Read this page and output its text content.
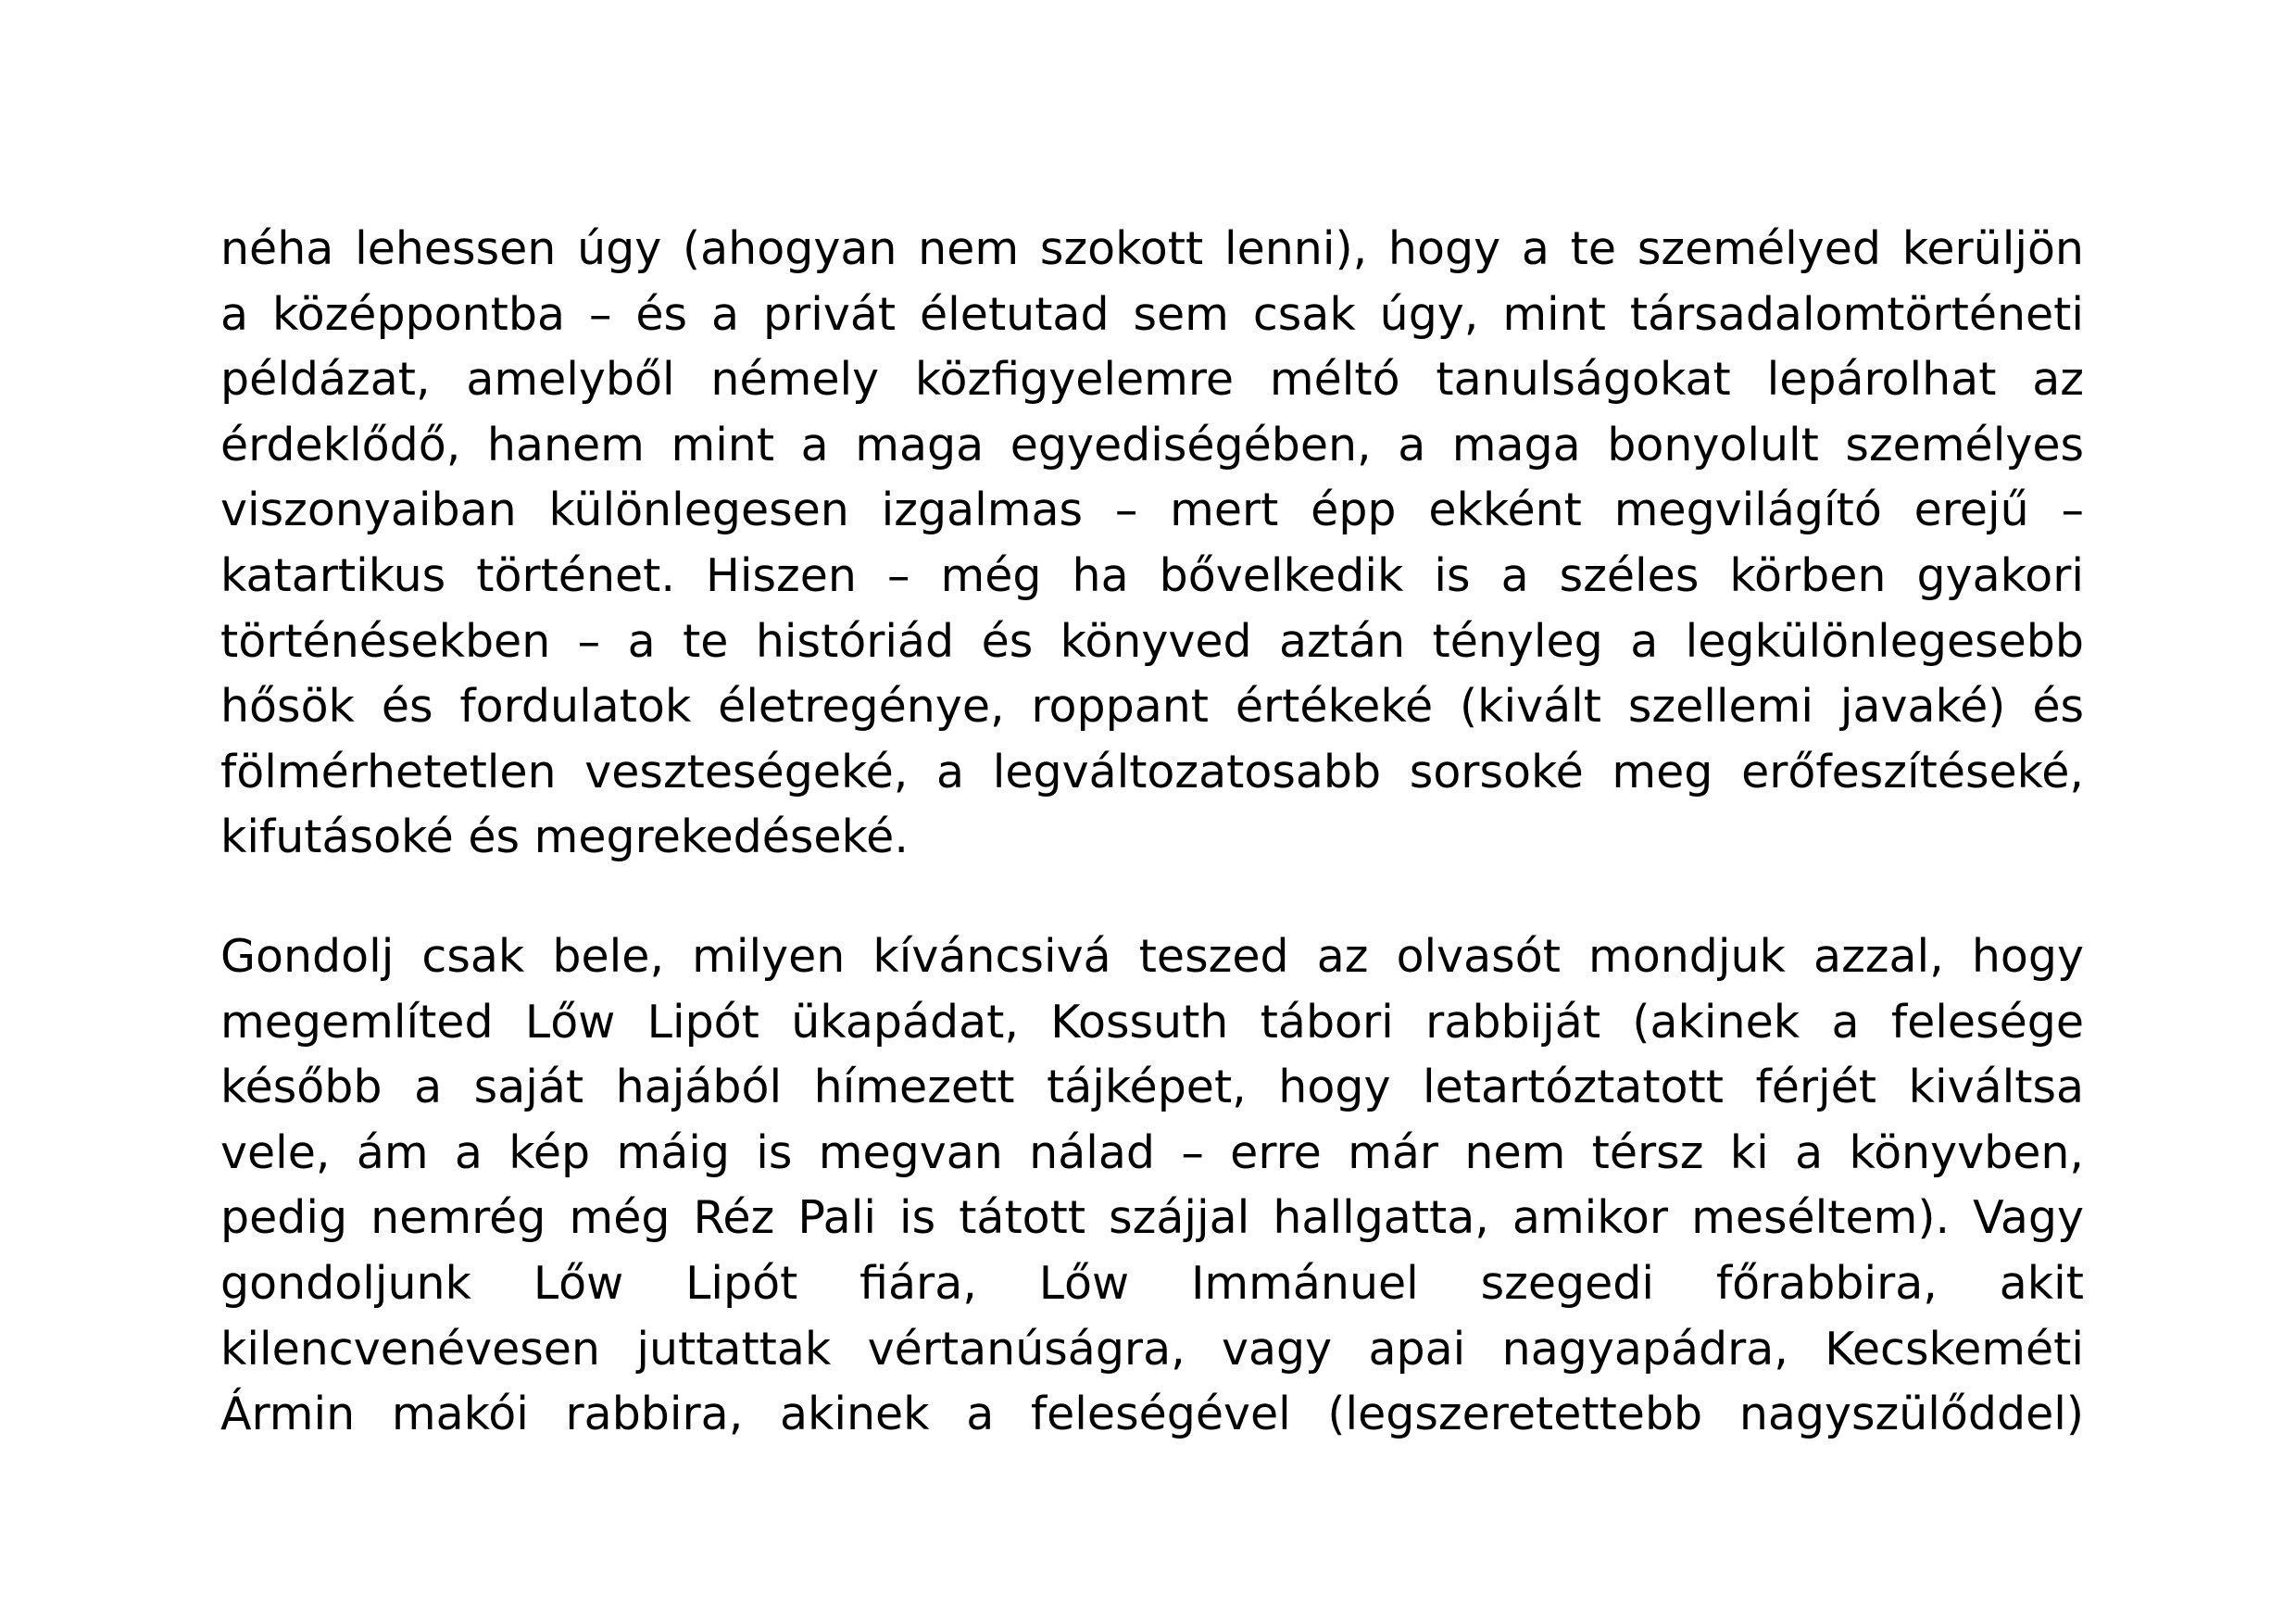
néha lehessen úgy (ahogyan nem szokott lenni), hogy a te személyed kerüljön
a középpontba – és a privát életutad sem csak úgy, mint társadalomtörténeti
példázat, amelyből némely közfigyelemre méltó tanulságokat lepárolhat az
érdeklődő, hanem mint a maga egyediségében, a maga bonyolult személyes
viszonyaiban különlegesen izgalmas – mert épp ekként megvilágító erejű –
katartikus történet. Hiszen – még ha bővelkedik is a széles körben gyakori
történésekben – a te históriád és könyved aztán tényleg a legkülönlegesebb
hősök és fordulatok életregénye, roppant értékeké (kivált szellemi javaké) és
fölmérhetetlen veszteségeké, a legváltozatosabb sorsoké meg erőfeszítéseké,
kifutásoké és megrekedéseké.
Gondolj csak bele, milyen kíváncsivá teszed az olvasót mondjuk azzal, hogy
megemlíted Lőw Lipót ükapádat, Kossuth tábori rabbiját (akinek a felesége
később a saját hajából hímezett tájképet, hogy letartóztatott férjét kiváltsa
vele, ám a kép máig is megvan nálad – erre már nem térsz ki a könyvben,
pedig nemrég még Réz Pali is tátott szájjal hallgatta, amikor meséltem). Vagy
gondoljunk Lőw Lipót fiára, Lőw Immánuel szegedi főrabbira, akit
kilencvenévesen juttattak vértanúságra, vagy apai nagyapádra, Kecskeméti
Ármin makói rabbira, akinek a feleségével (legszeretettebb nagyszülőddel)
